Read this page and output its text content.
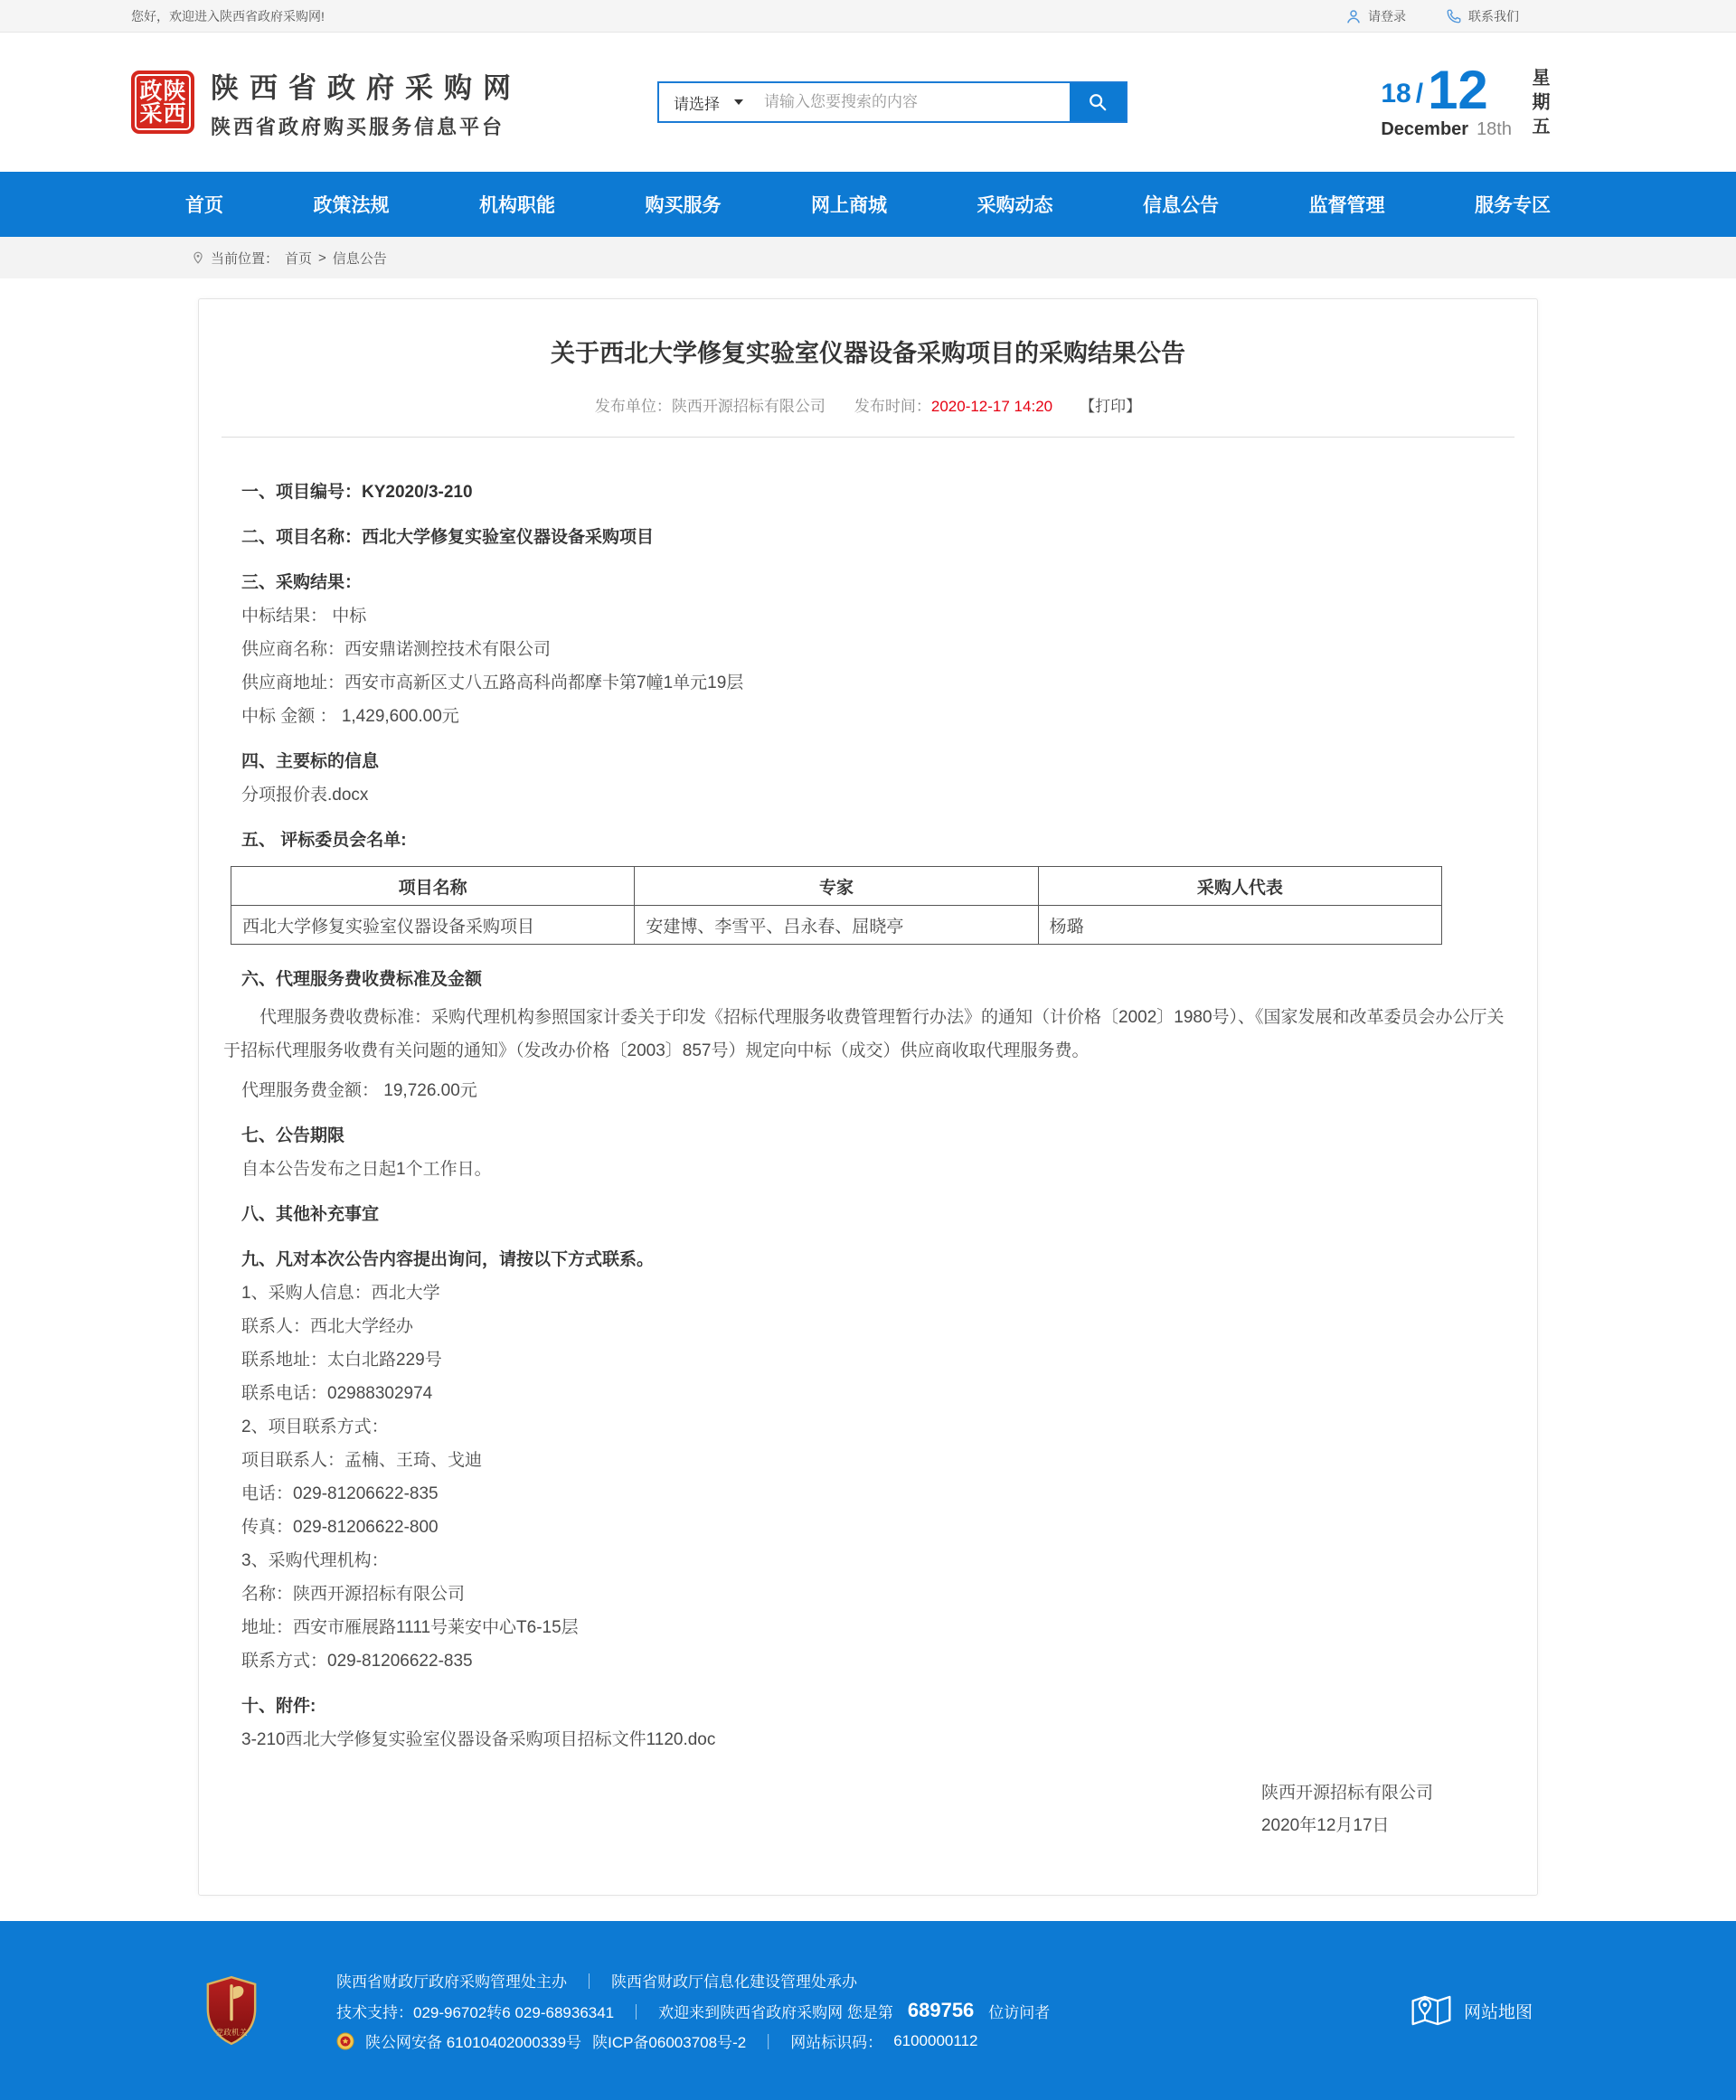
您好，欢迎进入陕西省政府采购网!	请登录	联系我们
政 陕
采 西
陕西省政府采购网
陕西省政府购买服务信息平台
请选择
请输入您要搜索的内容	18 / 12
December 18th 星期五
首页	政策法规	机构职能	购买服务	网上商城	采购动态	信息公告	监督管理	服务专区
当前位置： 首页 > 信息公告
关于西北大学修复实验室仪器设备采购项目的采购结果公告
发布单位：陕西开源招标有限公司 发布时间：2020-12-17 14:20 【打印】
一、项目编号：KY2020/3-210
二、项目名称：西北大学修复实验室仪器设备采购项目
三、采购结果：
中标结果： 中标
供应商名称：西安鼎诺测控技术有限公司
供应商地址：西安市高新区丈八五路高科尚都摩卡第7幢1单元19层
中标 金额 ： 1,429,600.00元
四、主要标的信息
分项报价表.docx
五、 评标委员会名单:
项目名称	专家	采购人代表
西北大学修复实验室仪器设备采购项目	安建博、李雪平、吕永春、屈晓亭	杨璐
六、代理服务费收费标准及金额
代理服务费收费标准：采购代理机构参照国家计委关于印发《招标代理服务收费管理暂行办法》的通知（计价格〔2002〕1980号）、《国家发展和改革委员会办公厅关于招标代理服务收费有关问题的通知》（发改办价格〔2003〕857号）规定向中标（成交）供应商收取代理服务费。
代理服务费金额： 19,726.00元
七、公告期限
自本公告发布之日起1个工作日。
八、其他补充事宜
九、凡对本次公告内容提出询问，请按以下方式联系。
1、采购人信息：西北大学
联系人：西北大学经办
联系地址：太白北路229号
联系电话：02988302974
2、项目联系方式：
项目联系人：孟楠、王琦、戈迪
电话：029-81206622-835
传真：029-81206622-800
3、采购代理机构：
名称：陕西开源招标有限公司
地址：西安市雁展路1111号莱安中心T6-15层
联系方式：029-81206622-835
十、附件:
3-210西北大学修复实验室仪器设备采购项目招标文件1120.doc
陕西开源招标有限公司
2020年12月17日
党政机关
陕西省财政厅政府采购管理处主办 ｜ 陕西省财政厅信息化建设管理处承办
技术支持：029-96702转6 029-68936341 ｜ 欢迎来到陕西省政府采购网 您是第 689756 位访问者
陕公网安备 61010402000339号 陕ICP备06003708号-2 ｜ 网站标识码： 6100000112
网站地图
